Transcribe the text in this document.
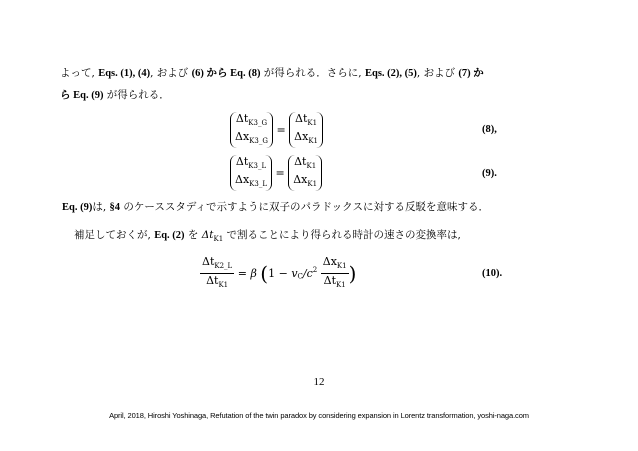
よって, Eqs. (1), (4), および (6) から Eq. (8) が得られる．さらに, Eqs. (2), (5), および (7) か
ら Eq. (9) が得られる．
$\Delta t_{K3\_G}$
$\Delta x_{K3\_G}$
=
$\Delta t_{K1}$
$\Delta x_{K1}$
(8),
$\Delta t_{K3\_L}$
$\Delta x_{K3\_L}$
=
$\Delta t_{K1}$
$\Delta x_{K1}$
(9).
Eq. (9)は, §4 のケーススタディで示すように双子のパラドックスに対する反駁を意味する．
補足しておくが, Eq. (2) を $\Delta t_{K1}$ で割ることにより得られる時計の速さの変換率は,
$\frac{\Delta t_{K2\_L}}{\Delta t_{K1}} = \beta$ ($1 - v_C/c^2 \frac{\Delta x_{K1}}{\Delta t_{K1}}$ )	(10).
12
April, 2018, Hiroshi Yoshinaga, Refutation of the twin paradox by considering expansion in Lorentz transformation, yoshi-naga.com
